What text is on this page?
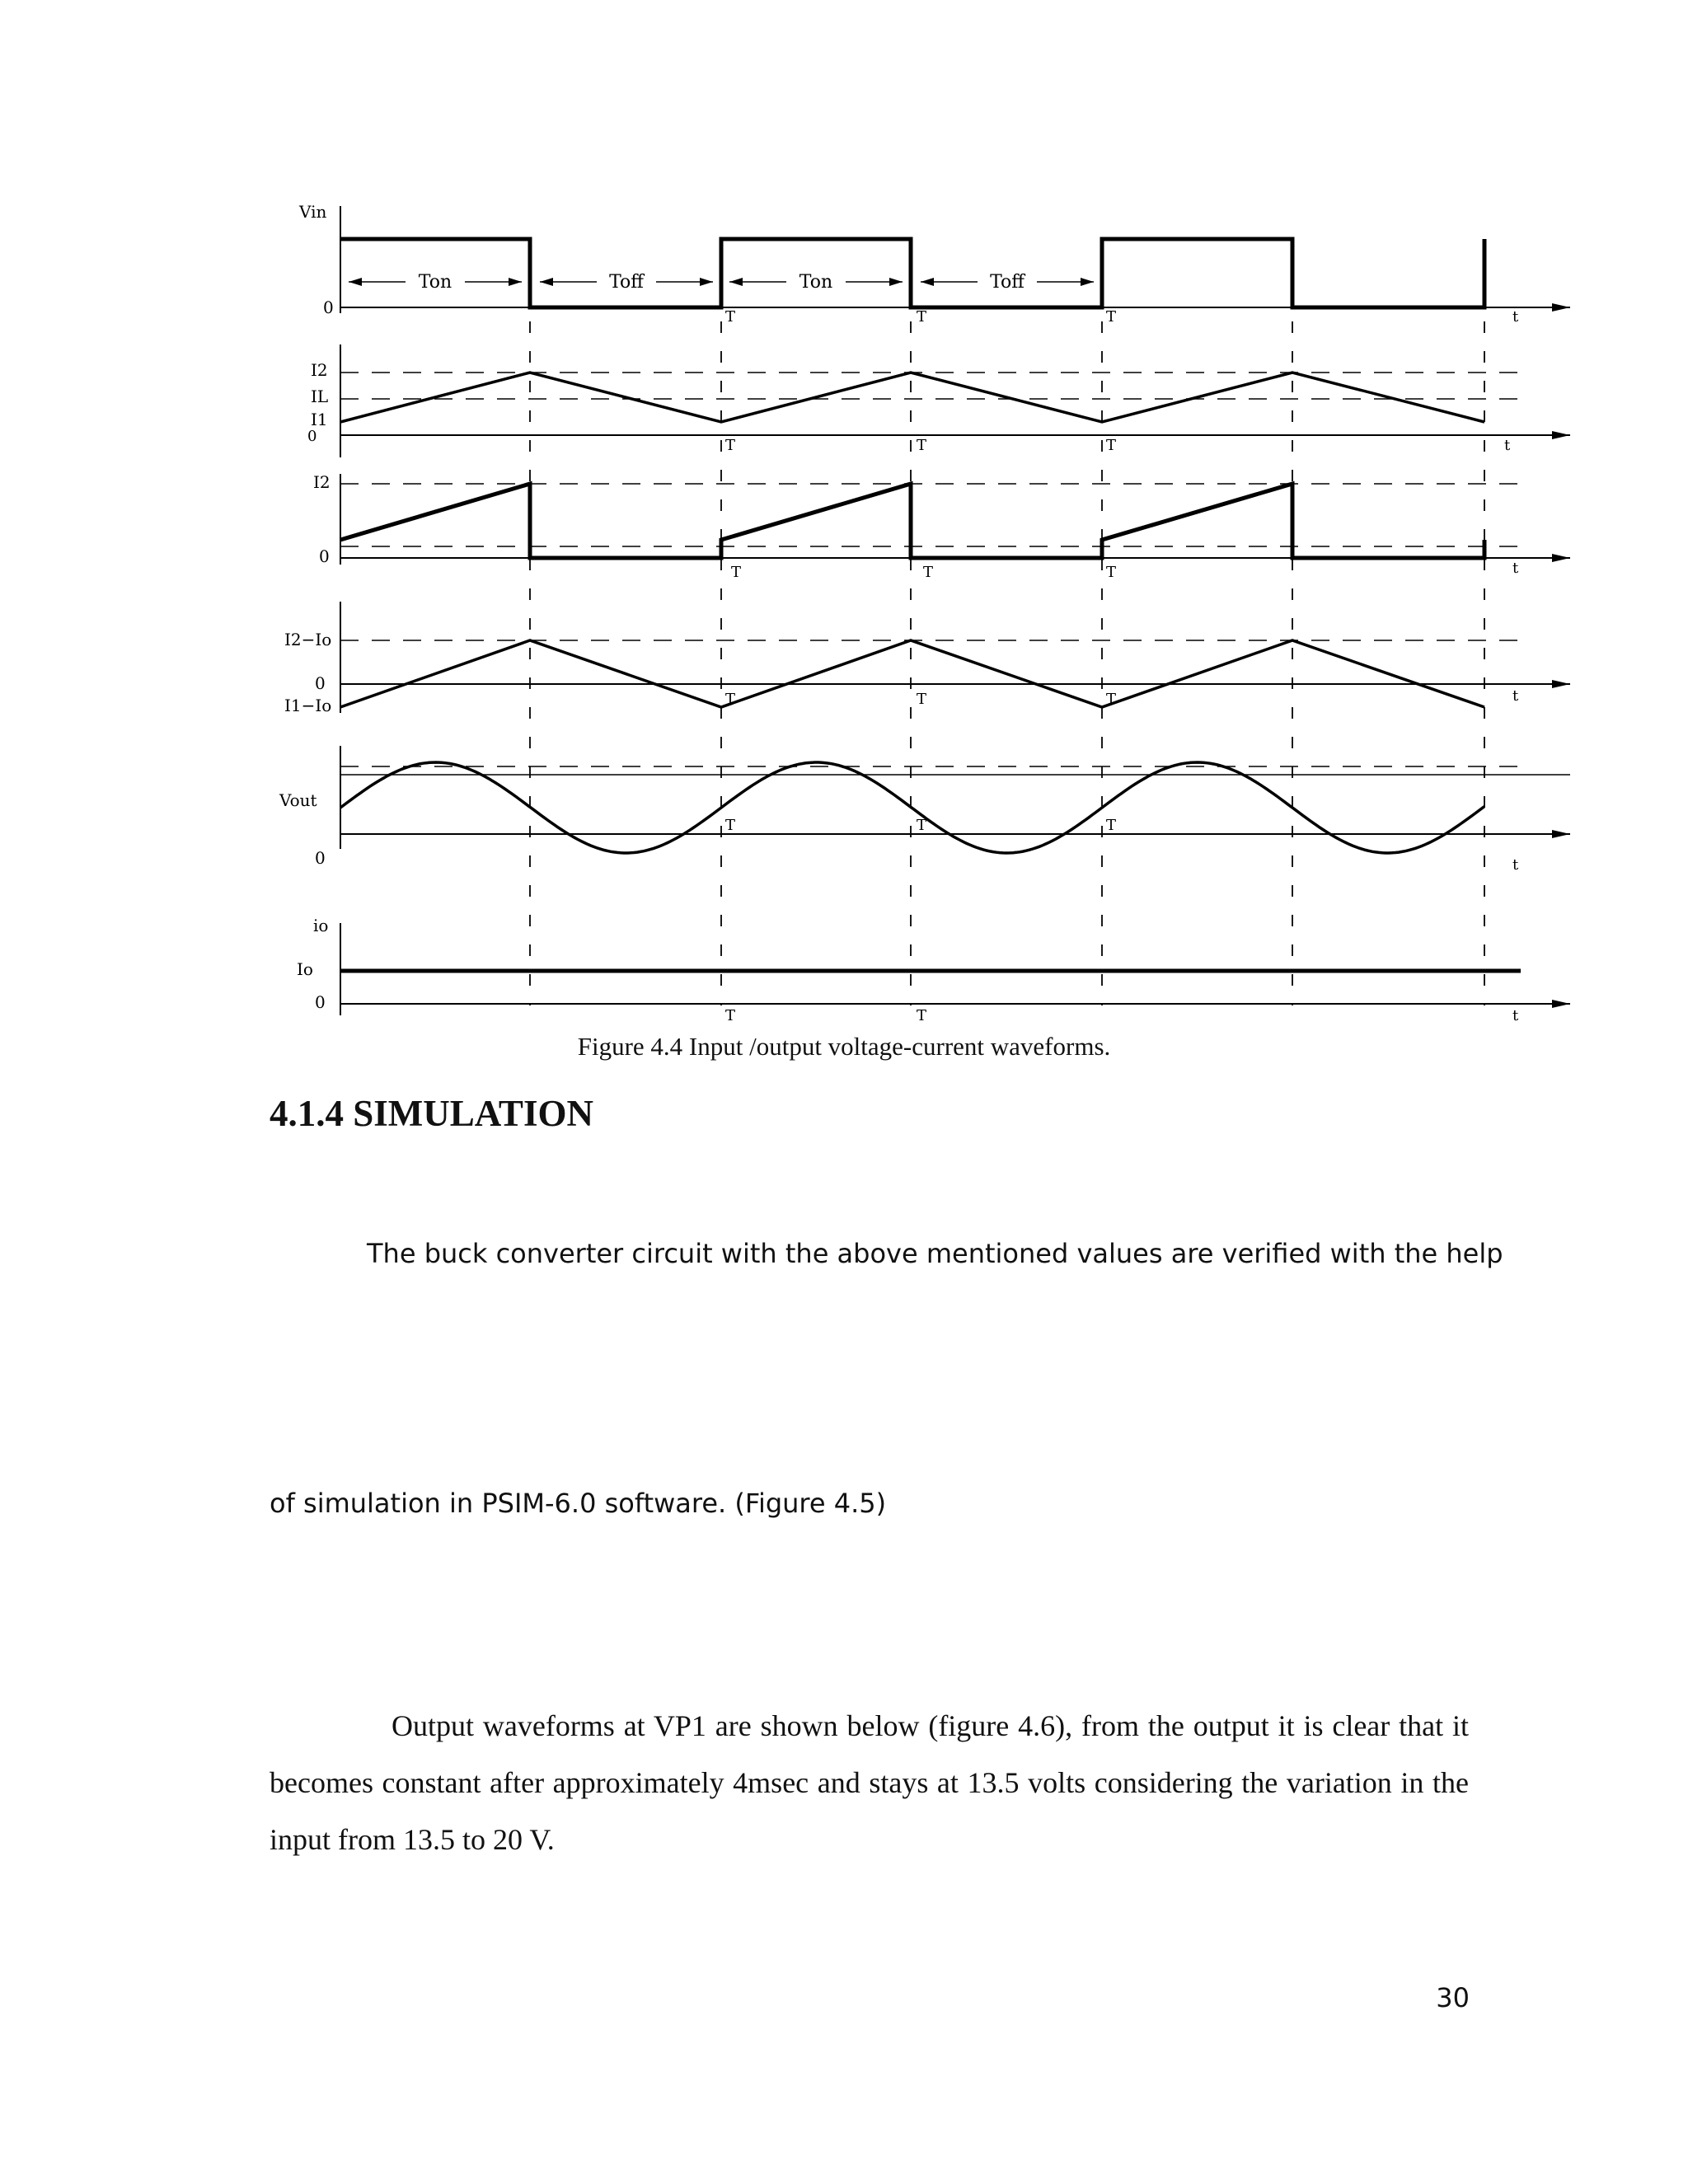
Vin
0
Ton	Toff	Ton	Toff
T	T	T	t
I2
IL
I1
0
T	T	T	t
I2
0
T	T	T	t
I2−Io
0
I1−Io	T	T	T	t
Vout
0
T	T	T
t
io
Io
0
T	T	t
Figure 4.4 Input /output voltage-current waveforms.
4.1.4 SIMULATION

The buck converter circuit with the above mentioned values are verified with the help

of simulation in PSIM-6.0 software. (Figure 4.5)

Output waveforms at VP1 are shown below (figure 4.6), from the output it is clear that it becomes constant after approximately 4msec and stays at 13.5 volts considering the variation in the input from 13.5 to 20 V.

30
